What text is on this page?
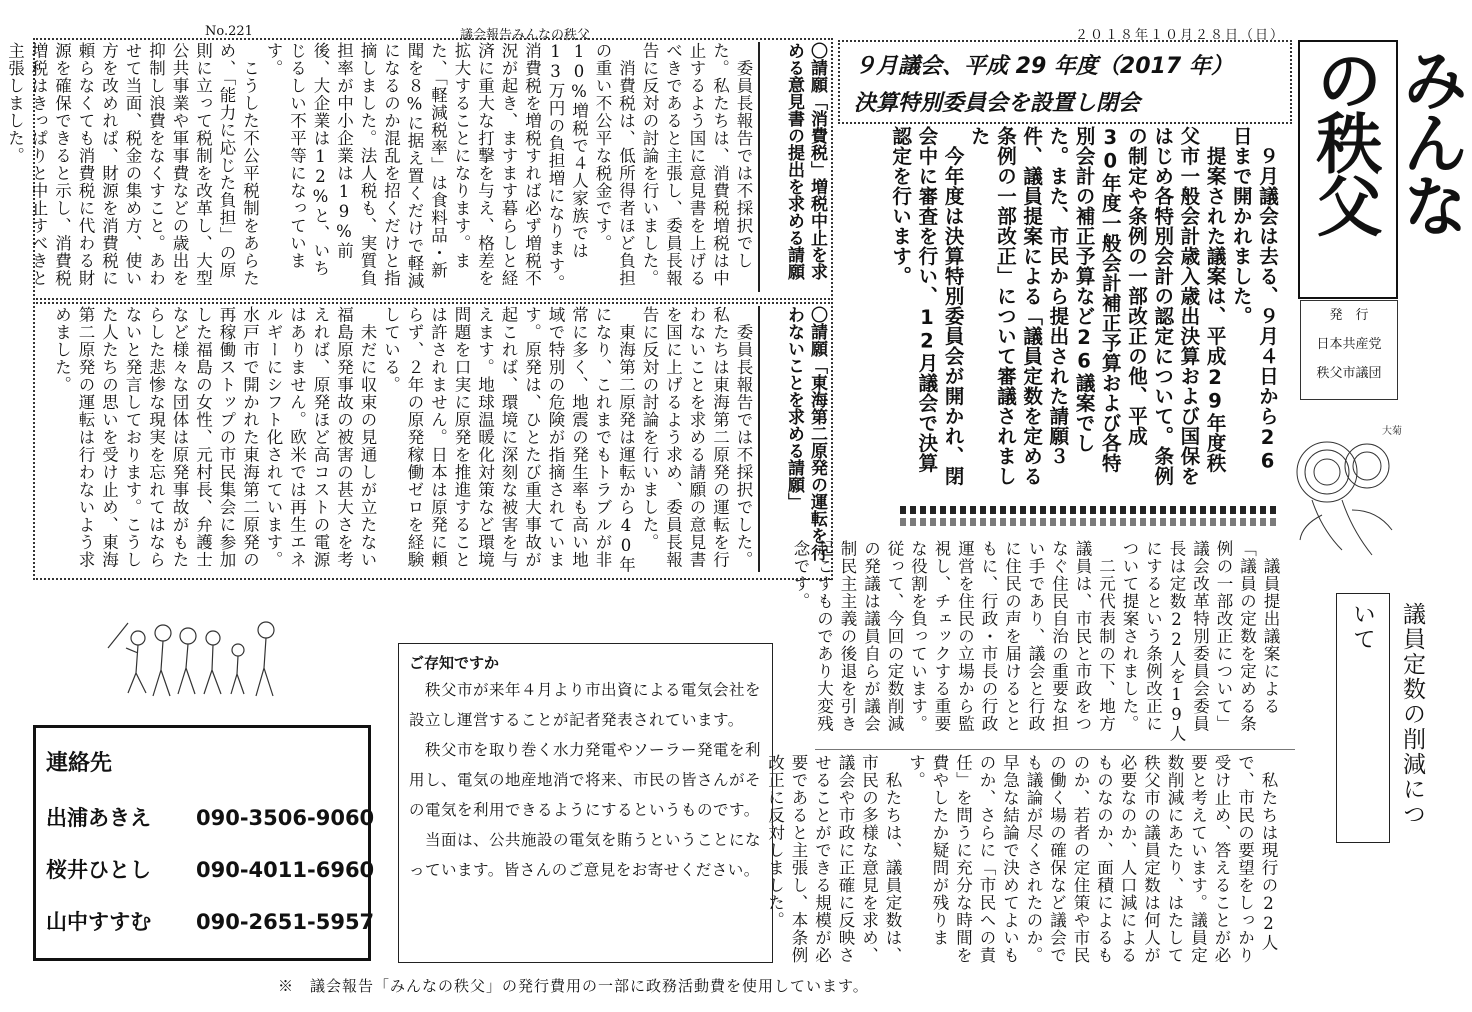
No.221	議会報告みんなの秩父	２０１８年１０月２８日（日）
みんなの秩父
発　行
日本共産党
秩父市議団
大菊
９月議会、平成 29 年度（2017 年）
決算特別委員会を設置し閉会
　９月議会は去る、９月４日から26日まで開かれました。
　提案された議案は、平成29年度秩父市一般会計歳入歳出決算および国保をはじめ各特別会計の認定について。条例の制定や条例の一部改正の他、平成30年度一般会計補正予算および各特別会計の補正予算など26議案でした。また、市民から提出された請願３件、議員提案による「議員定数を定める条例の一部改正」について審議されました
　今年度は決算特別委員会が開かれ、閉会中に審査を行い、12月議会で決算認定を行います。
議員定数の削減について
　議員提出議案による「議員の定数を定める条例の一部改正について」議会改革特別委員会委員長は定数22人を19人にするという条例改正について提案されました。
　二元代表制の下、地方議員は、市民と市政をつなぐ住民自治の重要な担い手であり、議会と行政に住民の声を届けるとともに、行政・市長の行政運営を住民の立場から監視し、チェックする重要な役割を負っています。従って、今回の定数削減の発議は議員自らが議会制民主主義の後退を引き起こすものであり大変残念です。
　私たちは現行の22人で、市民の要望をしっかり受け止め、答えることが必要と考えています。議員定数削減にあたり、はたして秩父市の議員定数は何人が必要なのか、人口減によるものなのか、面積によるものか、若者の定住策や市民の働く場の確保など議会でも議論が尽くされたのか。早急な結論で決めてよいものか、さらに「市民への責任」を問うに充分な時間を費やしたか疑問が残ります。
　私たちは、議員定数は、市民の多様な意見を求め、議会や市政に正確に反映させることができる規模が必要であると主張し、本条例改正に反対しました。
〇請願「消費税」増税中止を求める意見書の提出を求める請願
　委員長報告では不採択でした。私たちは、消費税増税は中止するよう国に意見書を上げるべきであると主張し、委員長報告に反対の討論を行いました。
　消費税は、低所得者ほど負担の重い不公平な税金です。10%増税で４人家族では13万円の負担増になります。消費税を増税すれば必ず増税不況が起き、ますます暮らしと経済に重大な打撃を与え、格差を拡大することになります。また、「軽減税率」は食料品・新聞を８%に据え置くだけで軽減になるのか混乱を招くだけと指摘しました。法人税も、実質負担率が中小企業は19%前後、大企業は12%と、いちじるしい不平等になっています。
　こうした不公平税制をあらため、「能力に応じた負担」の原則に立って税制を改革し、大型公共事業や軍事費などの歳出を抑制し浪費をなくすこと。あわせて当面、税金の集め方、使い方を改めれば、財源を消費税に頼らなくても消費税に代わる財源を確保できると示し、消費税増税はきっぱりと中止すべきと主張しました。
〇請願「東海第二原発の運転を行わないことを求める請願」
　委員長報告では不採択でした。私たちは東海第二原発の運転を行わないことを求める請願の意見書を国に上げるよう求め、委員長報告に反対の討論を行いました。
　東海第二原発は運転から40年になり、これまでもトラブルが非常に多く、地震の発生率も高い地域で特別の危険が指摘されています。原発は、ひとたび重大事故が起これば、環境に深刻な被害を与えます。地球温暖化対策など環境問題を口実に原発を推進することは許されません。日本は原発に頼らず、２年の原発稼働ゼロを経験している。
　未だに収束の見通しが立たない福島原発事故の被害の甚大さを考えれば、原発ほど高コストの電源はありません。欧米では再生エネルギーにシフト化されています。水戸市で開かれた東海第二原発の再稼働ストップの市民集会に参加した福島の女性、元村長、弁護士など様々な団体は原発事故がもたらした悲惨な現実を忘れてはならないと発言しております。こうした人たちの思いを受け止め、東海第二原発の運転は行わないよう求めました。
ご存知ですか
　秩父市が来年４月より市出資による電気会社を設立し運営することが記者発表されています。
　秩父市を取り巻く水力発電やソーラー発電を利用し、電気の地産地消で将来、市民の皆さんがその電気を利用できるようにするというものです。
　当面は、公共施設の電気を賄うということになっています。皆さんのご意見をお寄せください。
連絡先
出浦あきえ 090-3506-9060
桜井ひとし 090-4011-6960
山中すすむ 090-2651-5957
※　議会報告「みんなの秩父」の発行費用の一部に政務活動費を使用しています。
